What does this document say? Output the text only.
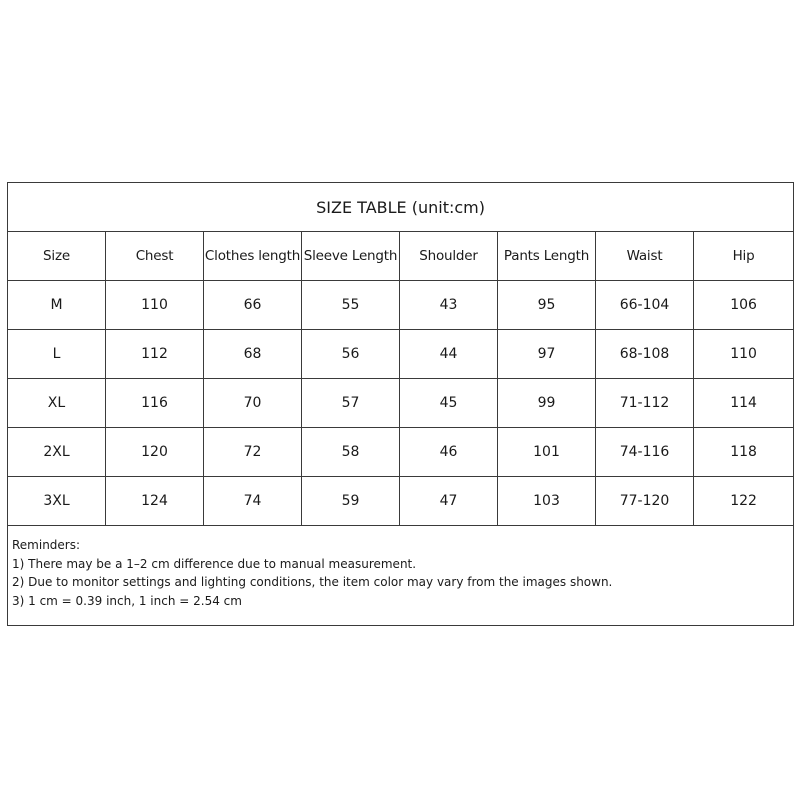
SIZE TABLE (unit:cm)							
Size	Chest	Clothes length	Sleeve Length	Shoulder	Pants Length	Waist	Hip
M	110	66	55	43	95	66-104	106
L	112	68	56	44	97	68-108	110
XL	116	70	57	45	99	71-112	114
2XL	120	72	58	46	101	74-116	118
3XL	124	74	59	47	103	77-120	122

Reminders:
1) There may be a 1–2 cm difference due to manual measurement.
2) Due to monitor settings and lighting conditions, the item color may vary from the images shown.
3) 1 cm = 0.39 inch, 1 inch = 2.54 cm							
